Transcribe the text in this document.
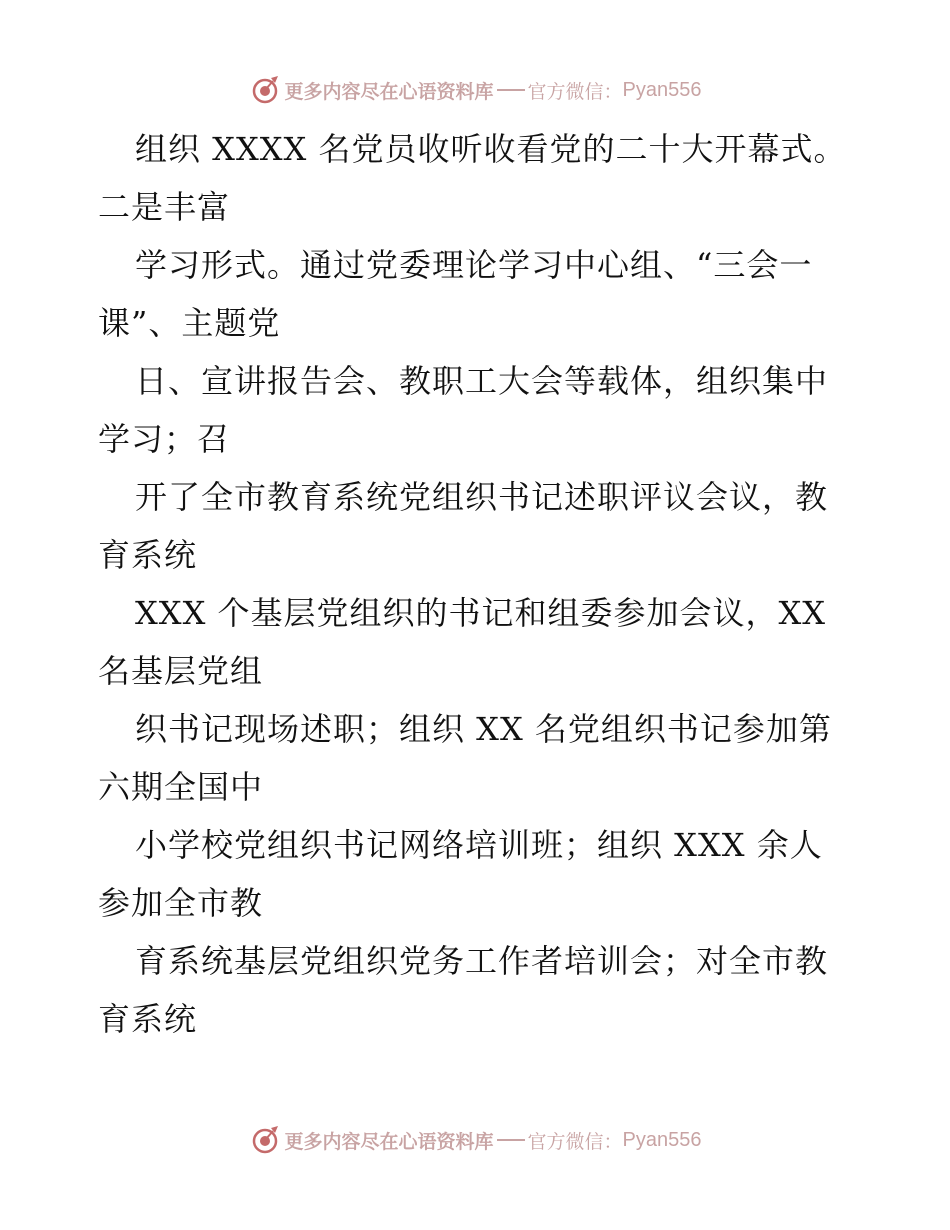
更多内容尽在心语资料库 官方微信： Pyan556
组织 XXXX 名党员收听收看党的二十大开幕式。
二是丰富
学习形式。通过党委理论学习中心组、“三会一
课”、主题党
日、宣讲报告会、教职工大会等载体，组织集中
学习；召
开了全市教育系统党组织书记述职评议会议，教
育系统
XXX 个基层党组织的书记和组委参加会议，XX
名基层党组
织书记现场述职；组织 XX 名党组织书记参加第
六期全国中
小学校党组织书记网络培训班；组织 XXX 余人
参加全市教
育系统基层党组织党务工作者培训会；对全市教
育系统
更多内容尽在心语资料库 官方微信： Pyan556
